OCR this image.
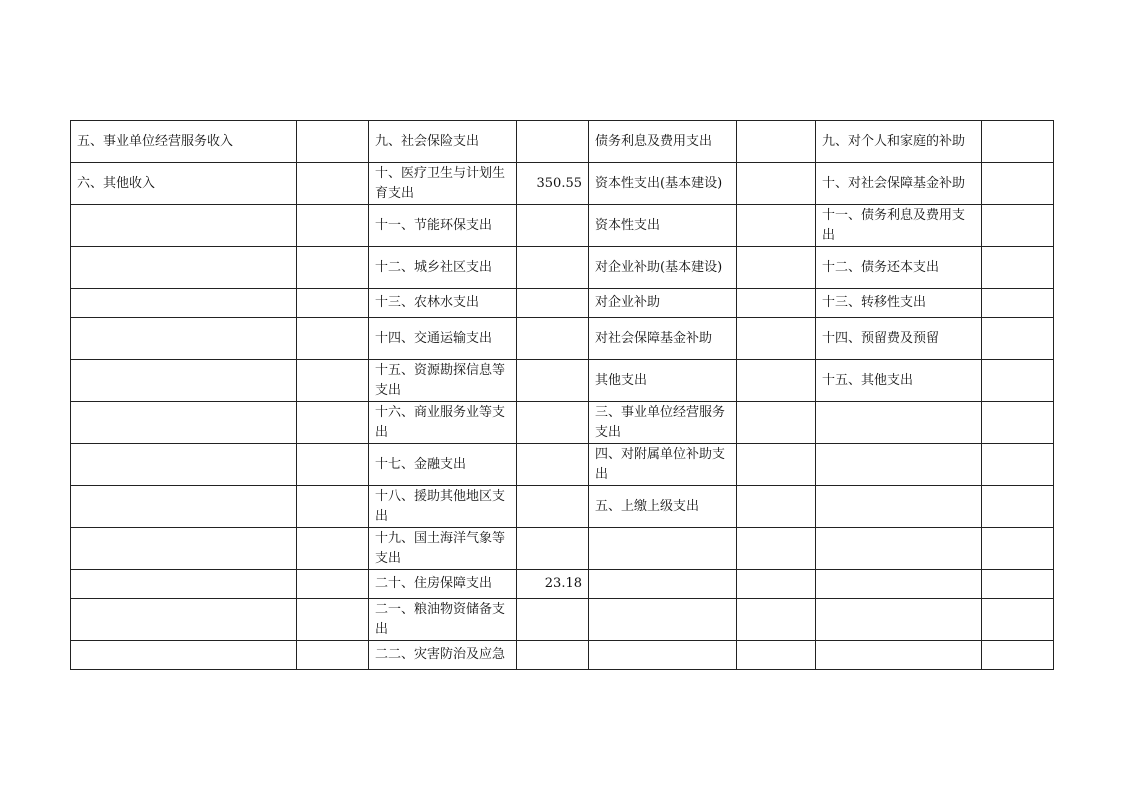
五、事业单位经营服务收入		九、社会保险支出		债务利息及费用支出		九、对个人和家庭的补助	
六、其他收入		十、医疗卫生与计划生育支出	350.55	资本性支出(基本建设)		十、对社会保障基金补助	
		十一、节能环保支出		资本性支出		十一、债务利息及费用支出	
		十二、城乡社区支出		对企业补助(基本建设)		十二、债务还本支出	
		十三、农林水支出		对企业补助		十三、转移性支出	
		十四、交通运输支出		对社会保障基金补助		十四、预留费及预留	
		十五、资源勘探信息等支出		其他支出		十五、其他支出	
		十六、商业服务业等支出		三、事业单位经营服务支出			
		十七、金融支出		四、对附属单位补助支出			
		十八、援助其他地区支出		五、上缴上级支出			
		十九、国土海洋气象等支出					
		二十、住房保障支出	23.18				
		二一、粮油物资储备支出					
		二二、灾害防治及应急					
